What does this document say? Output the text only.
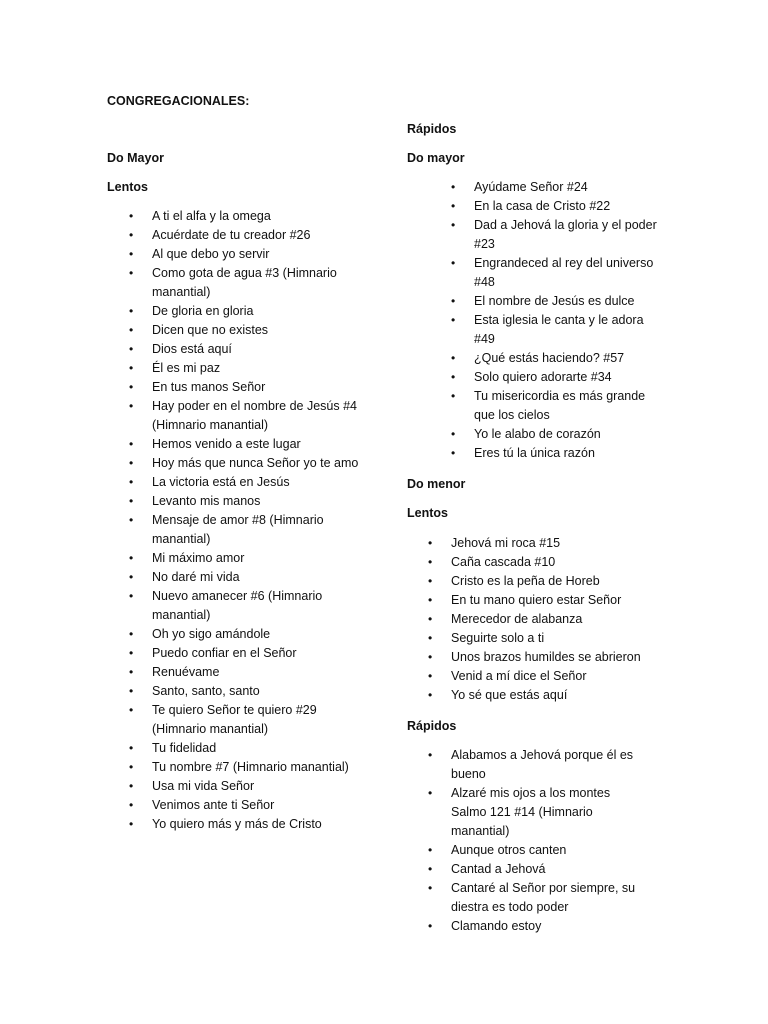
CONGREGACIONALES:
Do Mayor
Lentos
• A ti el alfa y la omega
• Acuérdate de tu creador #26
• Al que debo yo servir
• Como gota de agua #3 (Himnario manantial)
• De gloria en gloria
• Dicen que no existes
• Dios está aquí
• Él es mi paz
• En tus manos Señor
• Hay poder en el nombre de Jesús #4 (Himnario manantial)
• Hemos venido a este lugar
• Hoy más que nunca Señor yo te amo
• La victoria está en Jesús
• Levanto mis manos
• Mensaje de amor #8 (Himnario manantial)
• Mi máximo amor
• No daré mi vida
• Nuevo amanecer #6 (Himnario manantial)
• Oh yo sigo amándole
• Puedo confiar en el Señor
• Renuévame
• Santo, santo, santo
• Te quiero Señor te quiero #29 (Himnario manantial)
• Tu fidelidad
• Tu nombre #7 (Himnario manantial)
• Usa mi vida Señor
• Venimos ante ti Señor
• Yo quiero más y más de Cristo
Rápidos
Do mayor
• Ayúdame Señor #24
• En la casa de Cristo #22
• Dad a Jehová la gloria y el poder #23
• Engrandeced al rey del universo #48
• El nombre de Jesús es dulce
• Esta iglesia le canta y le adora #49
• ¿Qué estás haciendo? #57
• Solo quiero adorarte #34
• Tu misericordia es más grande que los cielos
• Yo le alabo de corazón
• Eres tú la única razón
Do menor
Lentos
• Jehová mi roca #15
• Caña cascada #10
• Cristo es la peña de Horeb
• En tu mano quiero estar Señor
• Merecedor de alabanza
• Seguirte solo a ti
• Unos brazos humildes se abrieron
• Venid a mí dice el Señor
• Yo sé que estás aquí
Rápidos
• Alabamos a Jehová porque él es bueno
• Alzaré mis ojos a los montes Salmo 121 #14 (Himnario manantial)
• Aunque otros canten
• Cantad a Jehová
• Cantaré al Señor por siempre, su diestra es todo poder
• Clamando estoy
